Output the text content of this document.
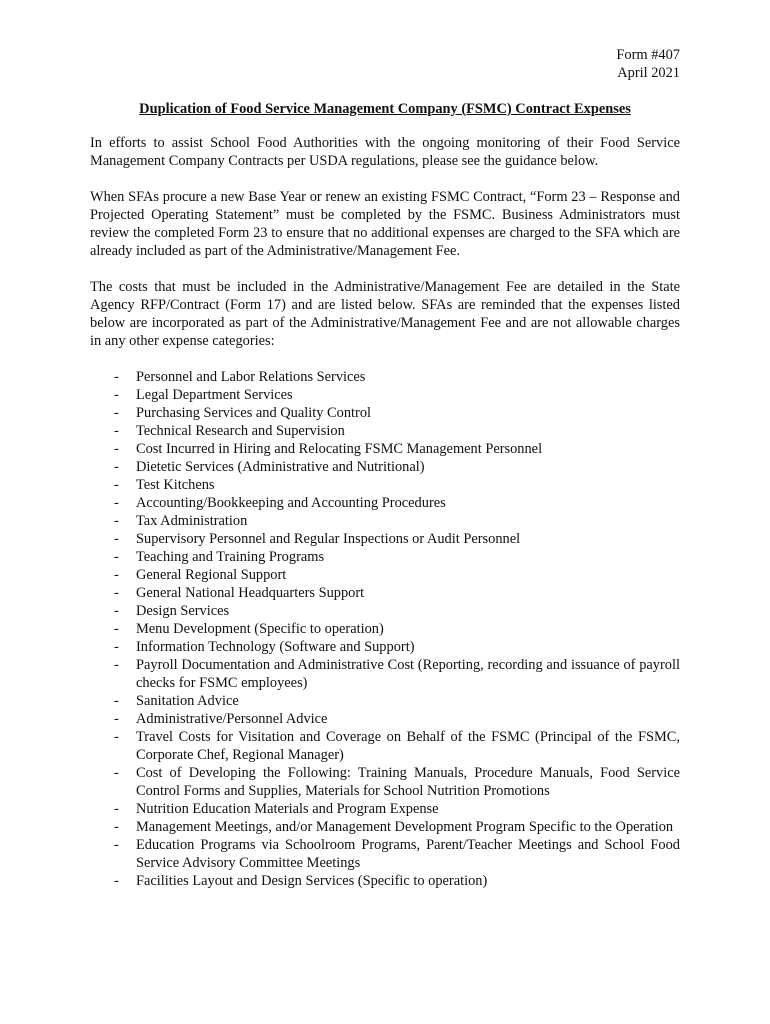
Form #407
April 2021
Duplication of Food Service Management Company (FSMC) Contract Expenses
In efforts to assist School Food Authorities with the ongoing monitoring of their Food Service Management Company Contracts per USDA regulations, please see the guidance below.
When SFAs procure a new Base Year or renew an existing FSMC Contract, “Form 23 – Response and Projected Operating Statement” must be completed by the FSMC. Business Administrators must review the completed Form 23 to ensure that no additional expenses are charged to the SFA which are already included as part of the Administrative/Management Fee.
The costs that must be included in the Administrative/Management Fee are detailed in the State Agency RFP/Contract (Form 17) and are listed below. SFAs are reminded that the expenses listed below are incorporated as part of the Administrative/Management Fee and are not allowable charges in any other expense categories:
-	Personnel and Labor Relations Services
-	Legal Department Services
-	Purchasing Services and Quality Control
-	Technical Research and Supervision
-	Cost Incurred in Hiring and Relocating FSMC Management Personnel
-	Dietetic Services (Administrative and Nutritional)
-	Test Kitchens
-	Accounting/Bookkeeping and Accounting Procedures
-	Tax Administration
-	Supervisory Personnel and Regular Inspections or Audit Personnel
-	Teaching and Training Programs
-	General Regional Support
-	General National Headquarters Support
-	Design Services
-	Menu Development (Specific to operation)
-	Information Technology (Software and Support)
-	Payroll Documentation and Administrative Cost (Reporting, recording and issuance of payroll checks for FSMC employees)
-	Sanitation Advice
-	Administrative/Personnel Advice
-	Travel Costs for Visitation and Coverage on Behalf of the FSMC (Principal of the FSMC, Corporate Chef, Regional Manager)
-	Cost of Developing the Following: Training Manuals, Procedure Manuals, Food Service Control Forms and Supplies, Materials for School Nutrition Promotions
-	Nutrition Education Materials and Program Expense
-	Management Meetings, and/or Management Development Program Specific to the Operation
-	Education Programs via Schoolroom Programs, Parent/Teacher Meetings and School Food Service Advisory Committee Meetings
-	Facilities Layout and Design Services (Specific to operation)
